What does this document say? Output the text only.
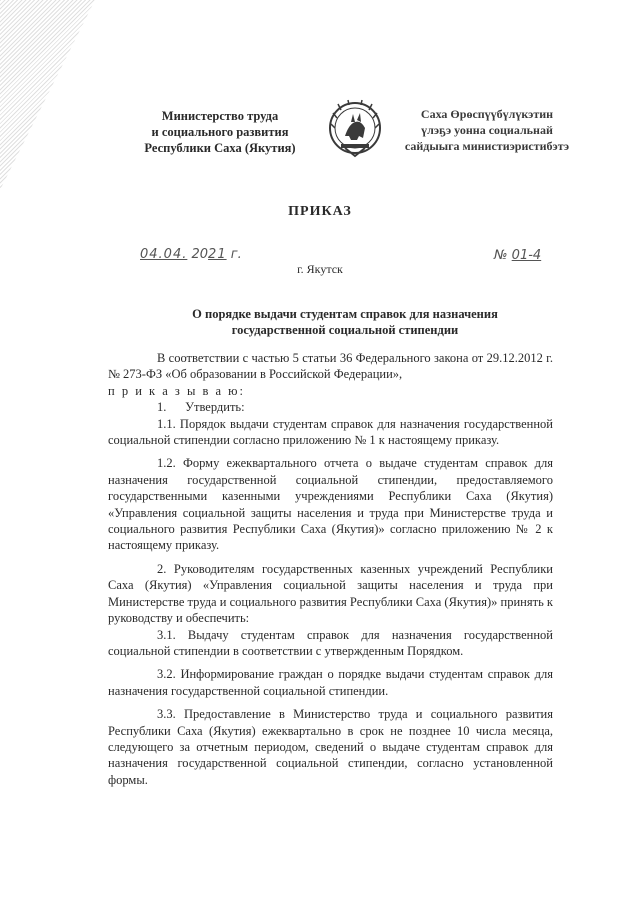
Министерство труда
и социального развития
Республики Саха (Якутия)
Саха Өрөспүүбүлүкэтин
үлэҕэ уонна социальнай
сайдыыга министиэристибэтэ
ПРИКАЗ
04.04. 2021 г.	№ 01-4
г. Якутск
О порядке выдачи студентам справок для назначения
государственной социальной стипендии

В соответствии с частью 5 статьи 36 Федерального закона от 29.12.2012 г. № 273-ФЗ «Об образовании в Российской Федерации»,

п р и к а з ы в а ю:

1.      Утвердить:

1.1. Порядок выдачи студентам справок для назначения государственной социальной стипендии согласно приложению № 1 к настоящему приказу.

1.2. Форму ежеквартального отчета о выдаче студентам справок для назначения государственной социальной стипендии, предоставляемого государственными казенными учреждениями Республики Саха (Якутия) «Управления социальной защиты населения и труда при Министерстве труда и социального развития Республики Саха (Якутия)» согласно приложению № 2 к настоящему приказу.

2. Руководителям государственных казенных учреждений Республики Саха (Якутия) «Управления социальной защиты населения и труда при Министерстве труда и социального развития Республики Саха (Якутия)» принять к руководству и обеспечить:

3.1. Выдачу студентам справок для назначения государственной социальной стипендии в соответствии с утвержденным Порядком.

3.2. Информирование граждан о порядке выдачи студентам справок для назначения государственной социальной стипендии.

3.3. Предоставление в Министерство труда и социального развития Республики Саха (Якутия) ежеквартально в срок не позднее 10 числа месяца, следующего за отчетным периодом, сведений о выдаче студентам справок для назначения государственной социальной стипендии, согласно установленной формы.
